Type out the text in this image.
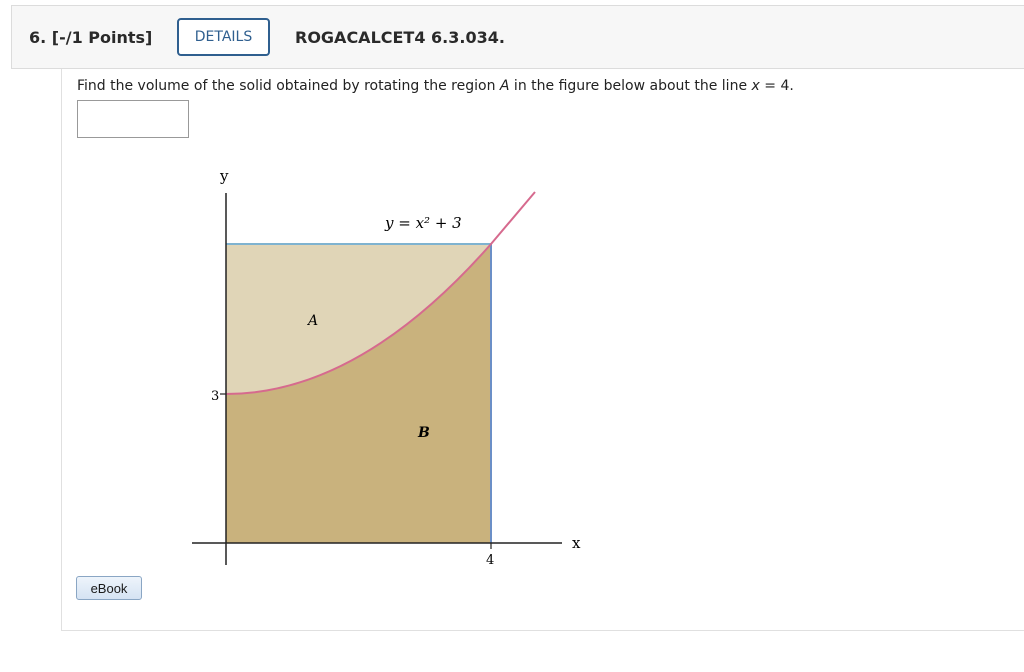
6. [-/1 Points]	DETAILS	ROGACALCET4 6.3.034.
Find the volume of the solid obtained by rotating the region A in the figure below about the line x = 4.
y
x
3
4
y = x² + 3
A
B
eBook
